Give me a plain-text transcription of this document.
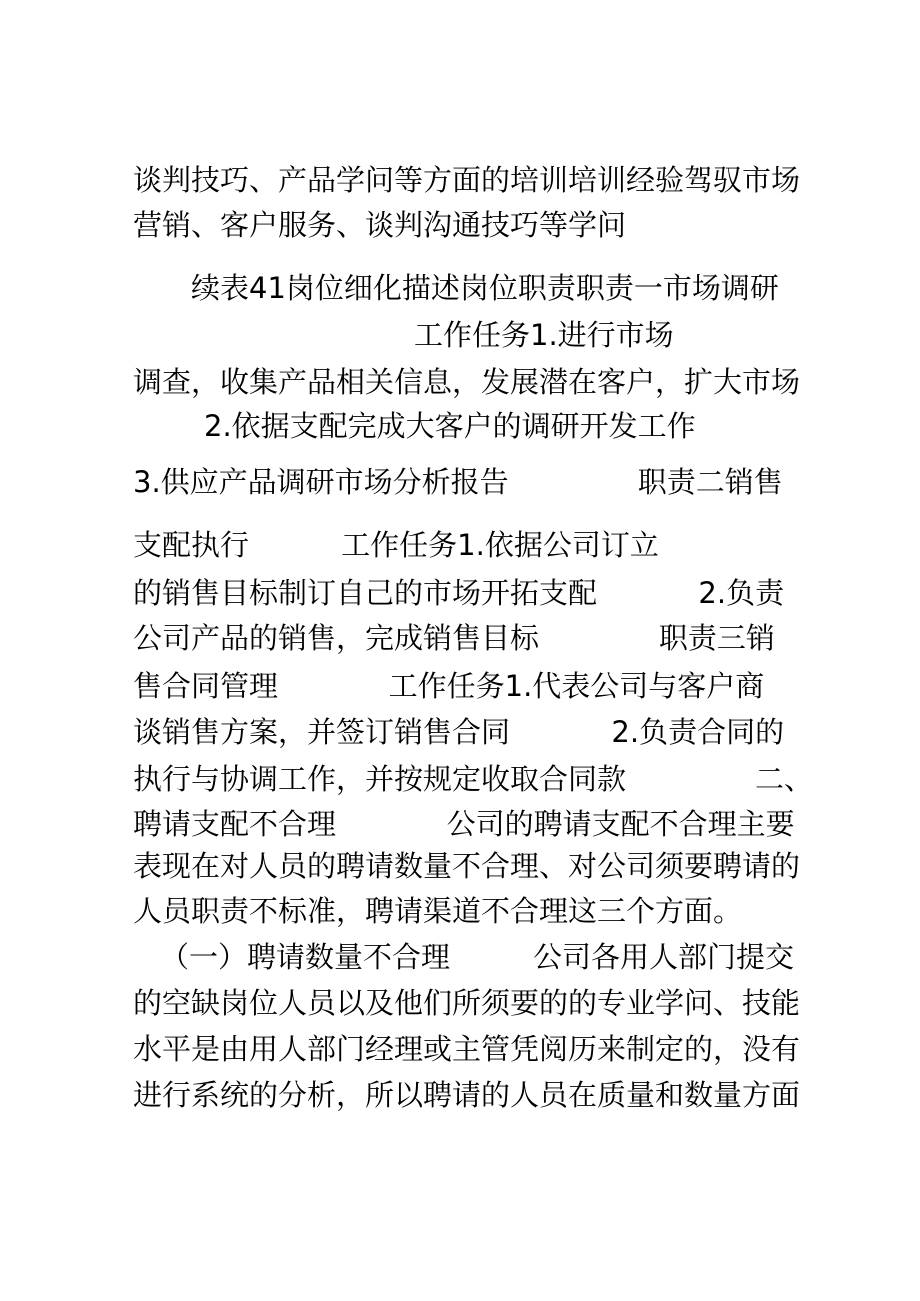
谈判技巧、产品学问等方面的培训培训经验驾驭市场
营销、客户服务、谈判沟通技巧等学问
续表41岗位细化描述岗位职责职责一市场调研
工作任务1.进行市场
调查，收集产品相关信息，发展潜在客户，扩大市场
2.依据支配完成大客户的调研开发工作
3.供应产品调研市场分析报告              职责二销售
支配执行          工作任务1.依据公司订立
的销售目标制订自己的市场开拓支配           2.负责
公司产品的销售，完成销售目标             职责三销
售合同管理            工作任务1.代表公司与客户商
谈销售方案，并签订销售合同           2.负责合同的
执行与协调工作，并按规定收取合同款              二、
聘请支配不合理            公司的聘请支配不合理主要
表现在对人员的聘请数量不合理、对公司须要聘请的
人员职责不标准，聘请渠道不合理这三个方面。
（一）聘请数量不合理         公司各用人部门提交
的空缺岗位人员以及他们所须要的的专业学问、技能
水平是由用人部门经理或主管凭阅历来制定的，没有
进行系统的分析，所以聘请的人员在质量和数量方面
